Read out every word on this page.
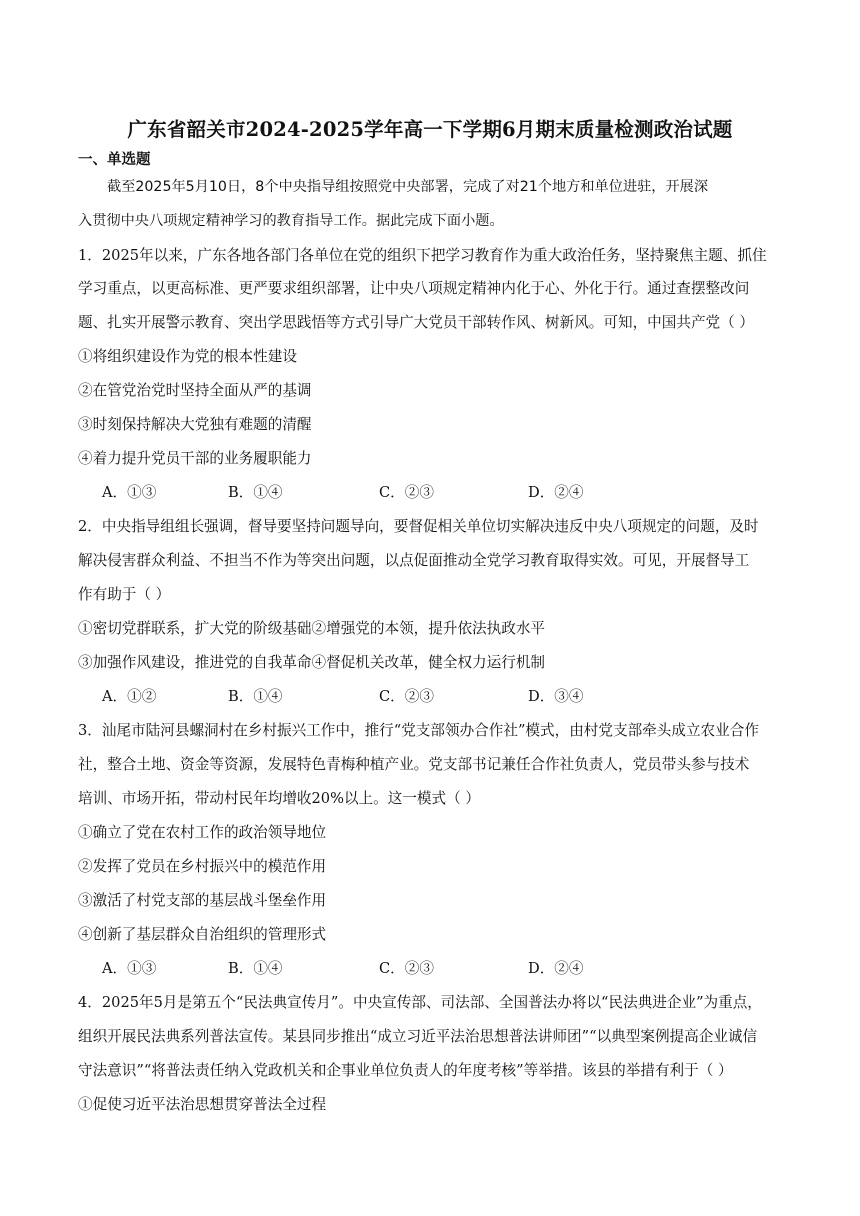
广东省韶关市2024-2025学年高一下学期6月期末质量检测政治试题
一、单选题
截至2025年5月10日，8个中央指导组按照党中央部署，完成了对21个地方和单位进驻，开展深
入贯彻中央八项规定精神学习的教育指导工作。据此完成下面小题。
1．2025年以来，广东各地各部门各单位在党的组织下把学习教育作为重大政治任务，坚持聚焦主题、抓住
学习重点，以更高标准、更严要求组织部署，让中央八项规定精神内化于心、外化于行。通过查摆整改问
题、扎实开展警示教育、突出学思践悟等方式引导广大党员干部转作风、树新风。可知，中国共产党（ ）
①将组织建设作为党的根本性建设
②在管党治党时坚持全面从严的基调
③时刻保持解决大党独有难题的清醒
④着力提升党员干部的业务履职能力
A．①③	B．①④	C．②③	D．②④
2．中央指导组组长强调，督导要坚持问题导向，要督促相关单位切实解决违反中央八项规定的问题，及时
解决侵害群众利益、不担当不作为等突出问题，以点促面推动全党学习教育取得实效。可见，开展督导工
作有助于（ ）
①密切党群联系，扩大党的阶级基础②增强党的本领，提升依法执政水平
③加强作风建设，推进党的自我革命④督促机关改革，健全权力运行机制
A．①②	B．①④	C．②③	D．③④
3．汕尾市陆河县螺洞村在乡村振兴工作中，推行“党支部领办合作社”模式，由村党支部牵头成立农业合作
社，整合土地、资金等资源，发展特色青梅种植产业。党支部书记兼任合作社负责人，党员带头参与技术
培训、市场开拓，带动村民年均增收20%以上。这一模式（ ）
①确立了党在农村工作的政治领导地位
②发挥了党员在乡村振兴中的模范作用
③激活了村党支部的基层战斗堡垒作用
④创新了基层群众自治组织的管理形式
A．①③	B．①④	C．②③	D．②④
4．2025年5月是第五个“民法典宣传月”。中央宣传部、司法部、全国普法办将以“民法典进企业”为重点，
组织开展民法典系列普法宣传。某县同步推出“成立习近平法治思想普法讲师团”“以典型案例提高企业诚信
守法意识”“将普法责任纳入党政机关和企事业单位负责人的年度考核”等举措。该县的举措有利于（ ）
①促使习近平法治思想贯穿普法全过程
